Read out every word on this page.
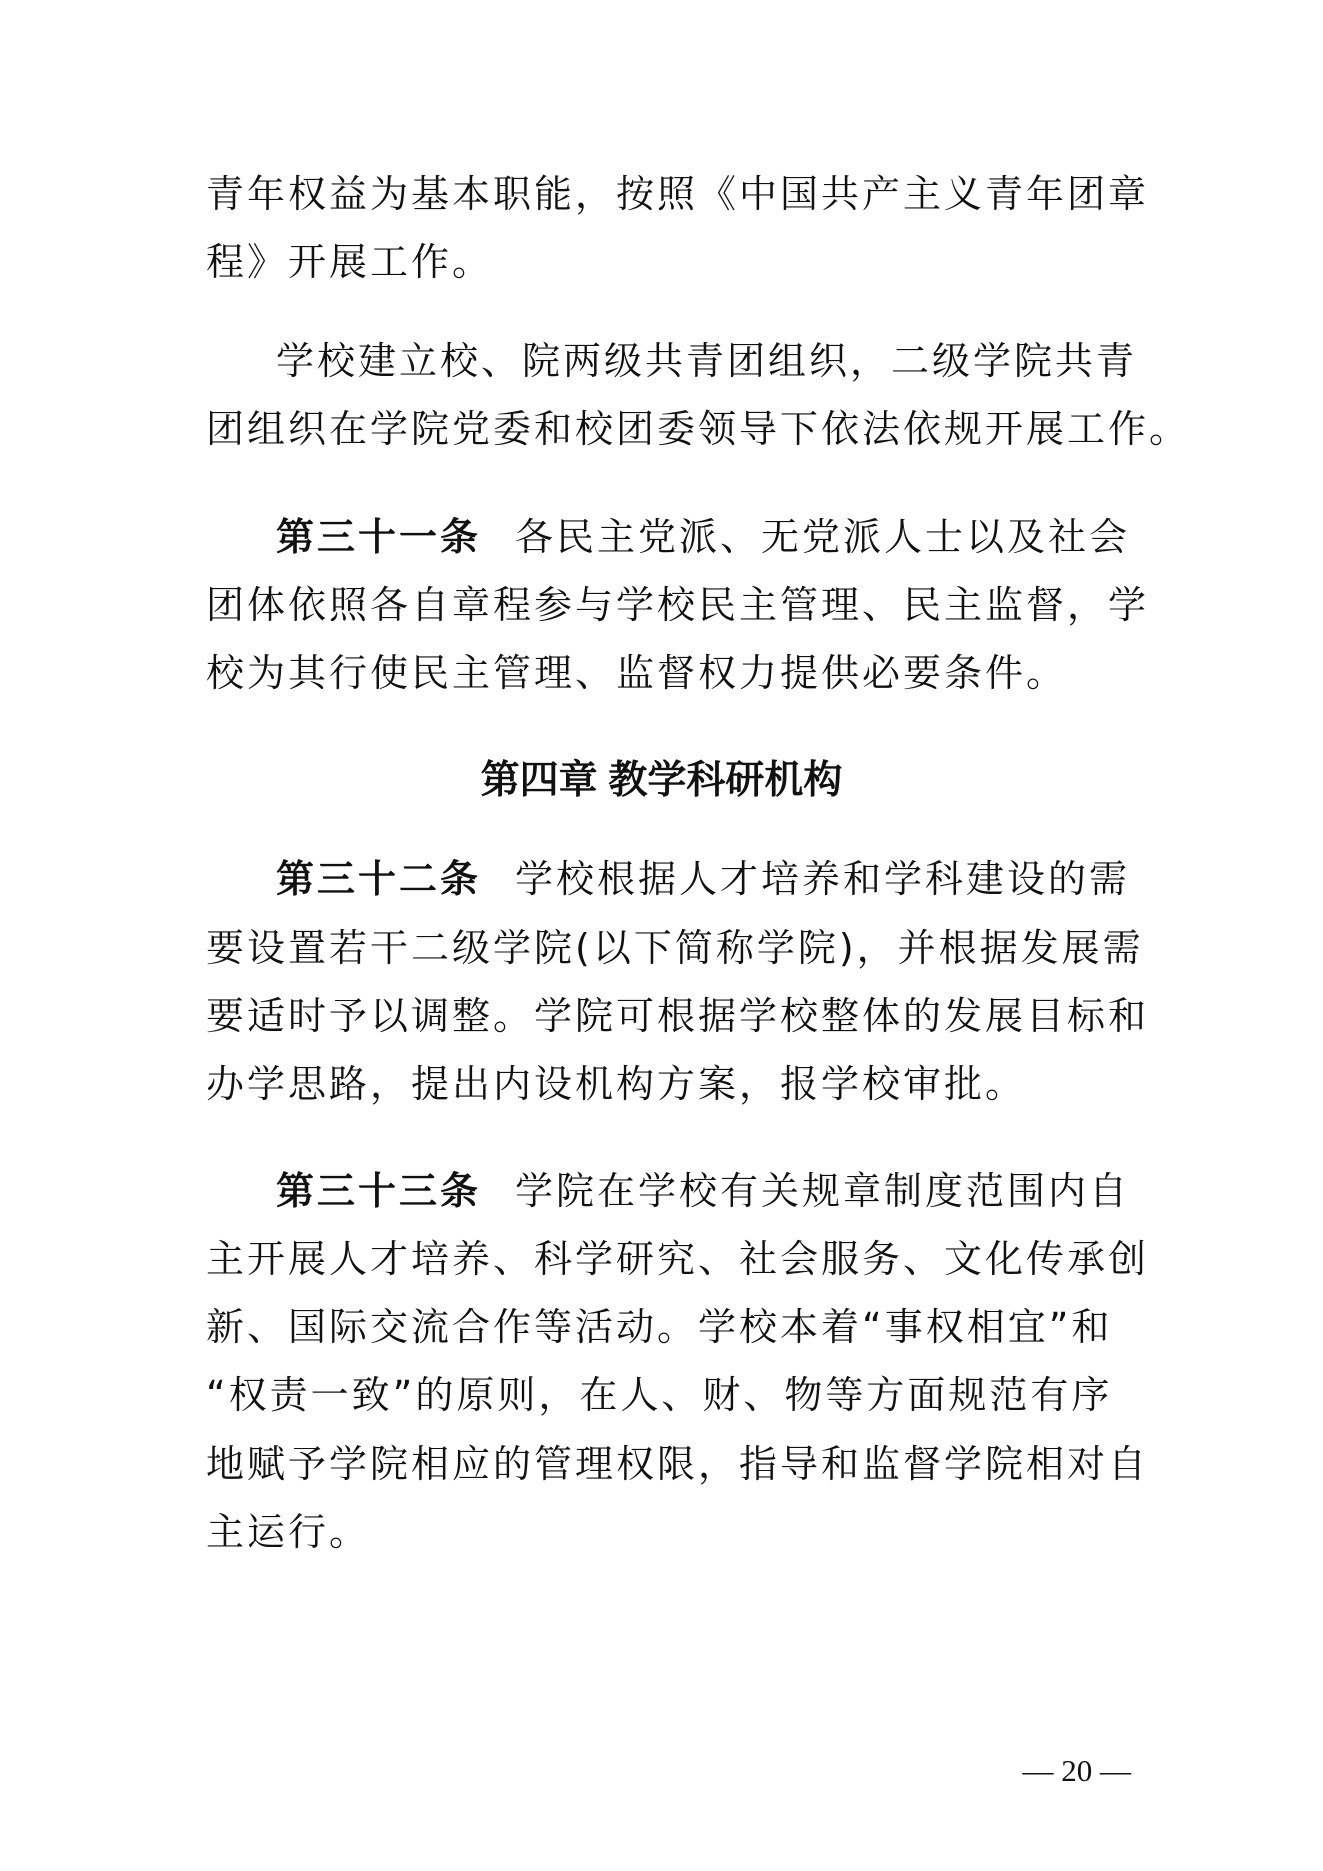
青年权益为基本职能，按照《中国共产主义青年团章
程》开展工作。
学校建立校、院两级共青团组织，二级学院共青
团组织在学院党委和校团委领导下依法依规开展工作。
第三十一条 各民主党派、无党派人士以及社会
团体依照各自章程参与学校民主管理、民主监督，学
校为其行使民主管理、监督权力提供必要条件。
第四章 教学科研机构
第三十二条 学校根据人才培养和学科建设的需
要设置若干二级学院(以下简称学院)，并根据发展需
要适时予以调整。学院可根据学校整体的发展目标和
办学思路，提出内设机构方案，报学校审批。
第三十三条 学院在学校有关规章制度范围内自
主开展人才培养、科学研究、社会服务、文化传承创
新、国际交流合作等活动。学校本着“事权相宜”和
“权责一致”的原则，在人、财、物等方面规范有序
地赋予学院相应的管理权限，指导和监督学院相对自
主运行。
— 20 —
